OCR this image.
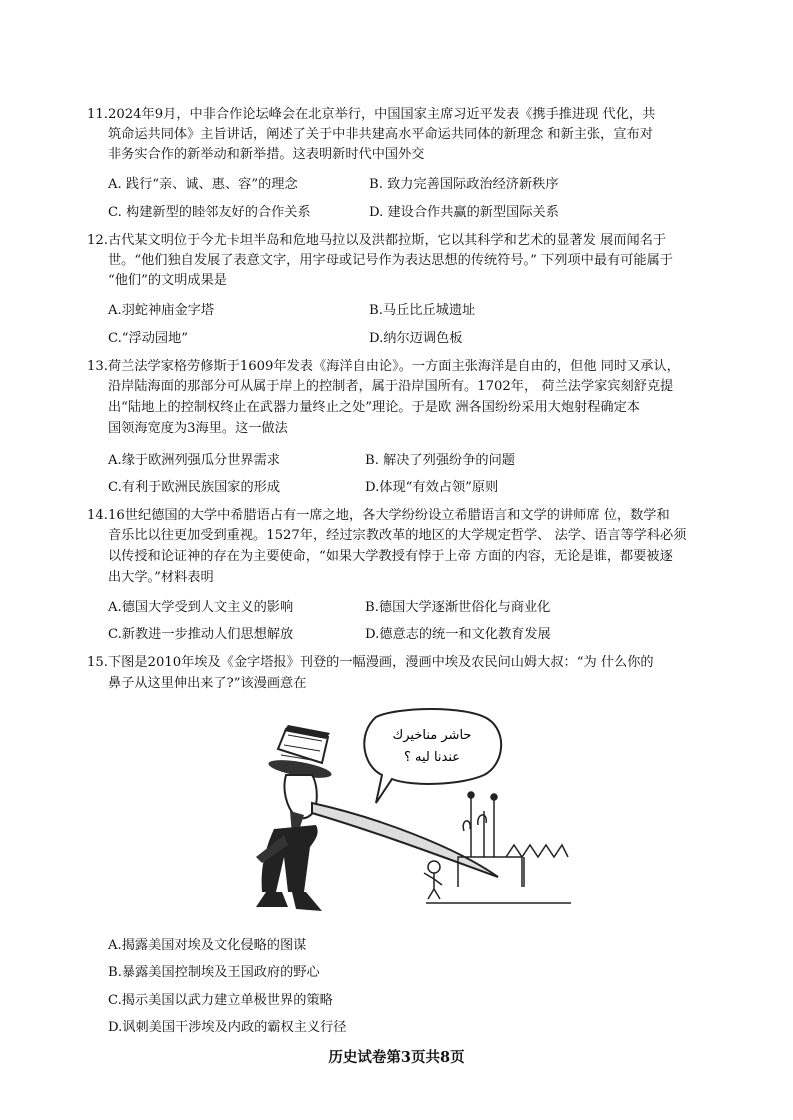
11. 2024年9月，中非合作论坛峰会在北京举行，中国国家主席习近平发表《携手推进现 代化，共
筑命运共同体》主旨讲话，阐述了关于中非共建高水平命运共同体的新理念 和新主张，宣布对
非务实合作的新举动和新举措。这表明新时代中国外交
A. 践行“亲、诚、惠、容”的理念	B. 致力完善国际政治经济新秩序
C. 构建新型的睦邻友好的合作关系	D. 建设合作共赢的新型国际关系
12. 古代某文明位于今尤卡坦半岛和危地马拉以及洪都拉斯，它以其科学和艺术的显著发 展而闻名于
世。“他们独自发展了表意文字，用字母或记号作为表达思想的传统符号。” 下列项中最有可能属于
“他们”的文明成果是
A.羽蛇神庙金字塔	B.马丘比丘城遗址
C.“浮动园地”	D.纳尔迈调色板
13. 荷兰法学家格劳修斯于1609年发表《海洋自由论》。一方面主张海洋是自由的，但他 同时又承认，
沿岸陆海面的那部分可从属于岸上的控制者，属于沿岸国所有。1702年， 荷兰法学家宾刻舒克提
出“陆地上的控制权终止在武器力量终止之处”理论。于是欧 洲各国纷纷采用大炮射程确定本
国领海宽度为3海里。这一做法
A.缘于欧洲列强瓜分世界需求	B. 解决了列强纷争的问题
C.有利于欧洲民族国家的形成	D.体现“有效占领”原则
14. 16世纪德国的大学中希腊语占有一席之地，各大学纷纷设立希腊语言和文学的讲师席 位，数学和
音乐比以往更加受到重视。1527年，经过宗教改革的地区的大学规定哲学、 法学、语言等学科必须
以传授和论证神的存在为主要使命，“如果大学教授有悖于上帝 方面的内容，无论是谁，都要被逐
出大学。”材料表明
A.德国大学受到人文主义的影响	B.德国大学逐渐世俗化与商业化
C.新教进一步推动人们思想解放	D.德意志的统一和文化教育发展
15. 下图是2010年埃及《金字塔报》刊登的一幅漫画，漫画中埃及农民问山姆大叔：“为 什么你的
鼻子从这里伸出来了?”该漫画意在
حاشر مناخيرك
عندنا ليه ؟
A.揭露美国对埃及文化侵略的图谋
B.暴露美国控制埃及王国政府的野心
C.揭示美国以武力建立单极世界的策略
D.讽刺美国干涉埃及内政的霸权主义行径
历史试卷第3页共8页
